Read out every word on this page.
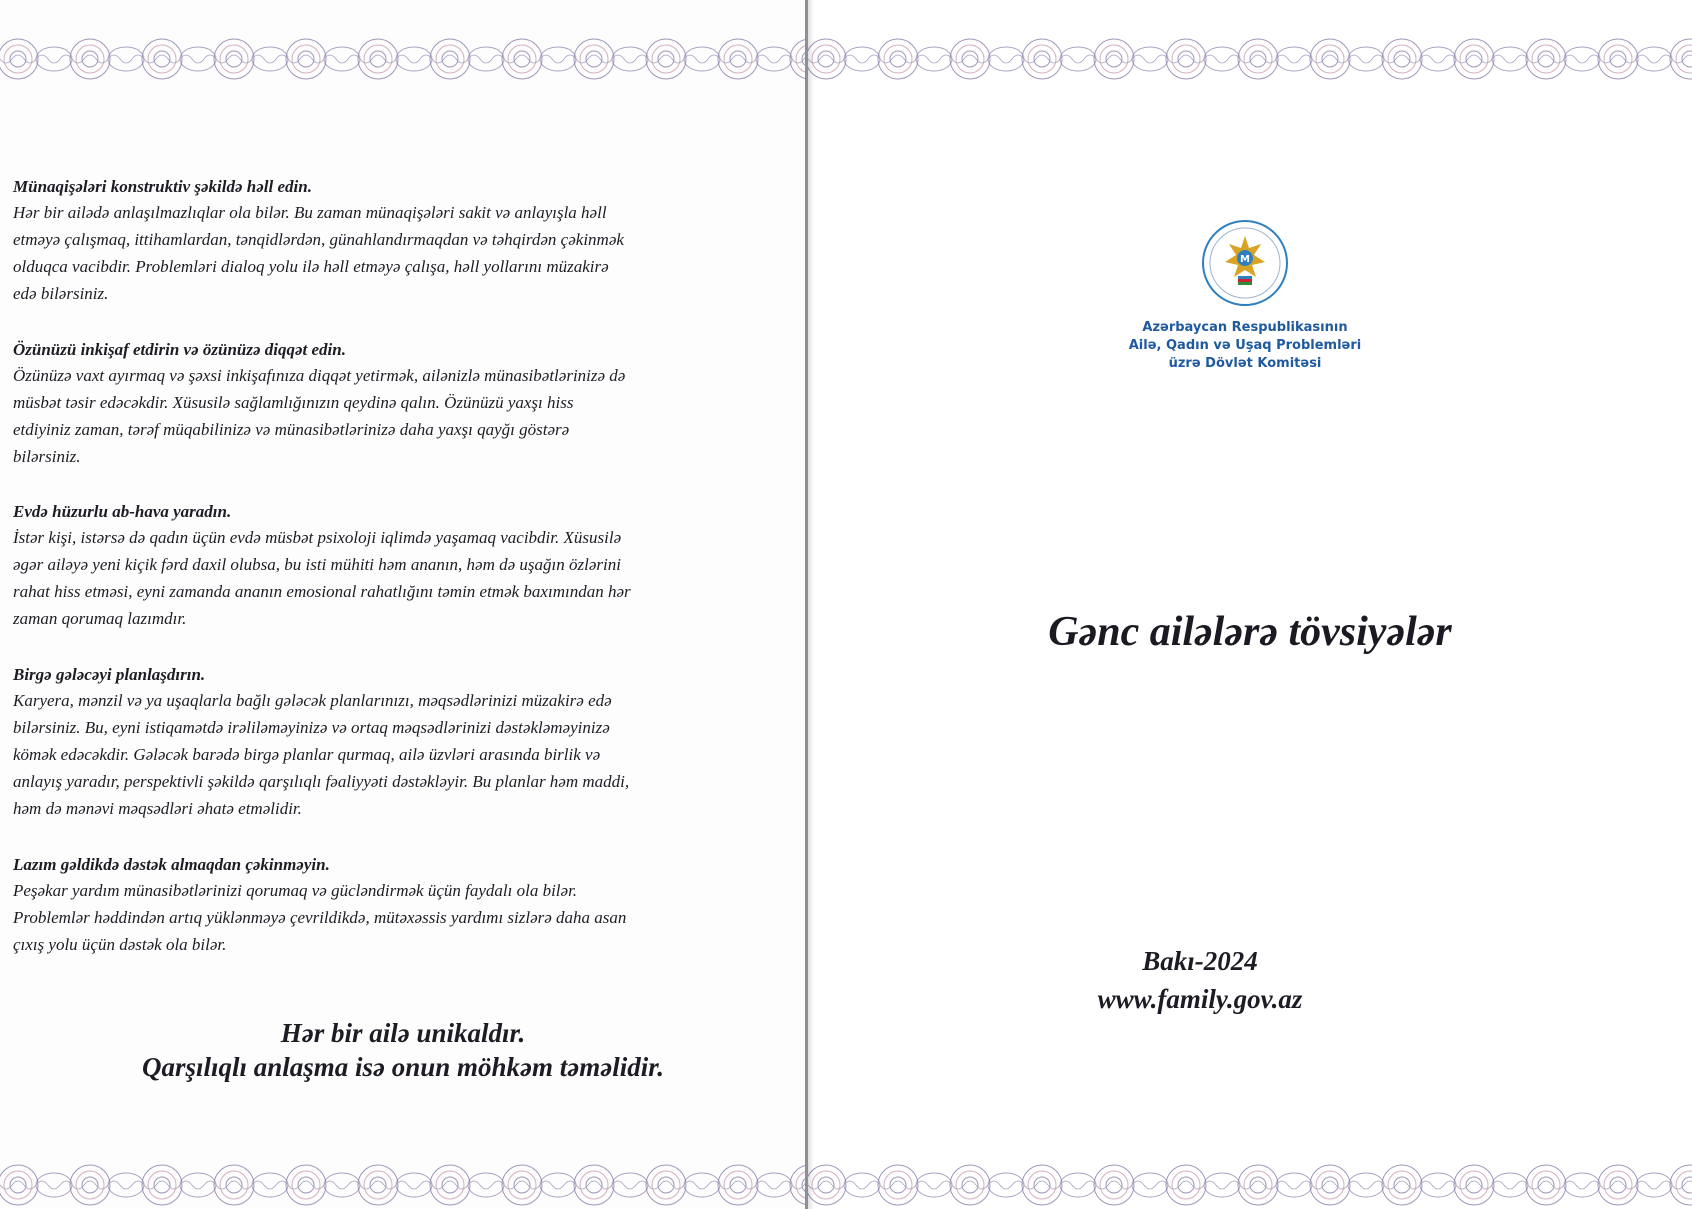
Münaqişələri konstruktiv şəkildə həll edin.

Hər bir ailədə anlaşılmazlıqlar ola bilər. Bu zaman münaqişələri sakit və anlayışla həll

etməyə çalışmaq, ittihamlardan, tənqidlərdən, günahlandırmaqdan və təhqirdən çəkinmək

olduqca vacibdir. Problemləri dialoq yolu ilə həll etməyə çalışa, həll yollarını müzakirə

edə bilərsiniz.

Özünüzü inkişaf etdirin və özünüzə diqqət edin.

Özünüzə vaxt ayırmaq və şəxsi inkişafınıza diqqət yetirmək, ailənizlə münasibətlərinizə də

müsbət təsir edəcəkdir. Xüsusilə sağlamlığınızın qeydinə qalın. Özünüzü yaxşı hiss

etdiyiniz zaman, tərəf müqabilinizə və münasibətlərinizə daha yaxşı qayğı göstərə

bilərsiniz.

Evdə hüzurlu ab-hava yaradın.

İstər kişi, istərsə də qadın üçün evdə müsbət psixoloji iqlimdə yaşamaq vacibdir. Xüsusilə

əgər ailəyə yeni kiçik fərd daxil olubsa, bu isti mühiti həm ananın, həm də uşağın özlərini

rahat hiss etməsi, eyni zamanda ananın emosional rahatlığını təmin etmək baxımından hər

zaman qorumaq lazımdır.

Birgə gələcəyi planlaşdırın.

Karyera, mənzil və ya uşaqlarla bağlı gələcək planlarınızı, məqsədlərinizi müzakirə edə

bilərsiniz. Bu, eyni istiqamətdə irəliləməyinizə və ortaq məqsədlərinizi dəstəkləməyinizə

kömək edəcəkdir. Gələcək barədə birgə planlar qurmaq, ailə üzvləri arasında birlik və

anlayış yaradır, perspektivli şəkildə qarşılıqlı fəaliyyəti dəstəkləyir. Bu planlar həm maddi,

həm də mənəvi məqsədləri əhatə etməlidir.

Lazım gəldikdə dəstək almaqdan çəkinməyin.

Peşəkar yardım münasibətlərinizi qorumaq və gücləndirmək üçün faydalı ola bilər.

Problemlər həddindən artıq yüklənməyə çevrildikdə, mütəxəssis yardımı sizlərə daha asan

çıxış yolu üçün dəstək ola bilər.

Hər bir ailə unikaldır.
Qarşılıqlı anlaşma isə onun möhkəm təməlidir.
M
Azərbaycan Respublikasının
Ailə, Qadın və Uşaq Problemləri
üzrə Dövlət Komitəsi
Gənc ailələrə tövsiyələr
Bakı-2024
www.family.gov.az
